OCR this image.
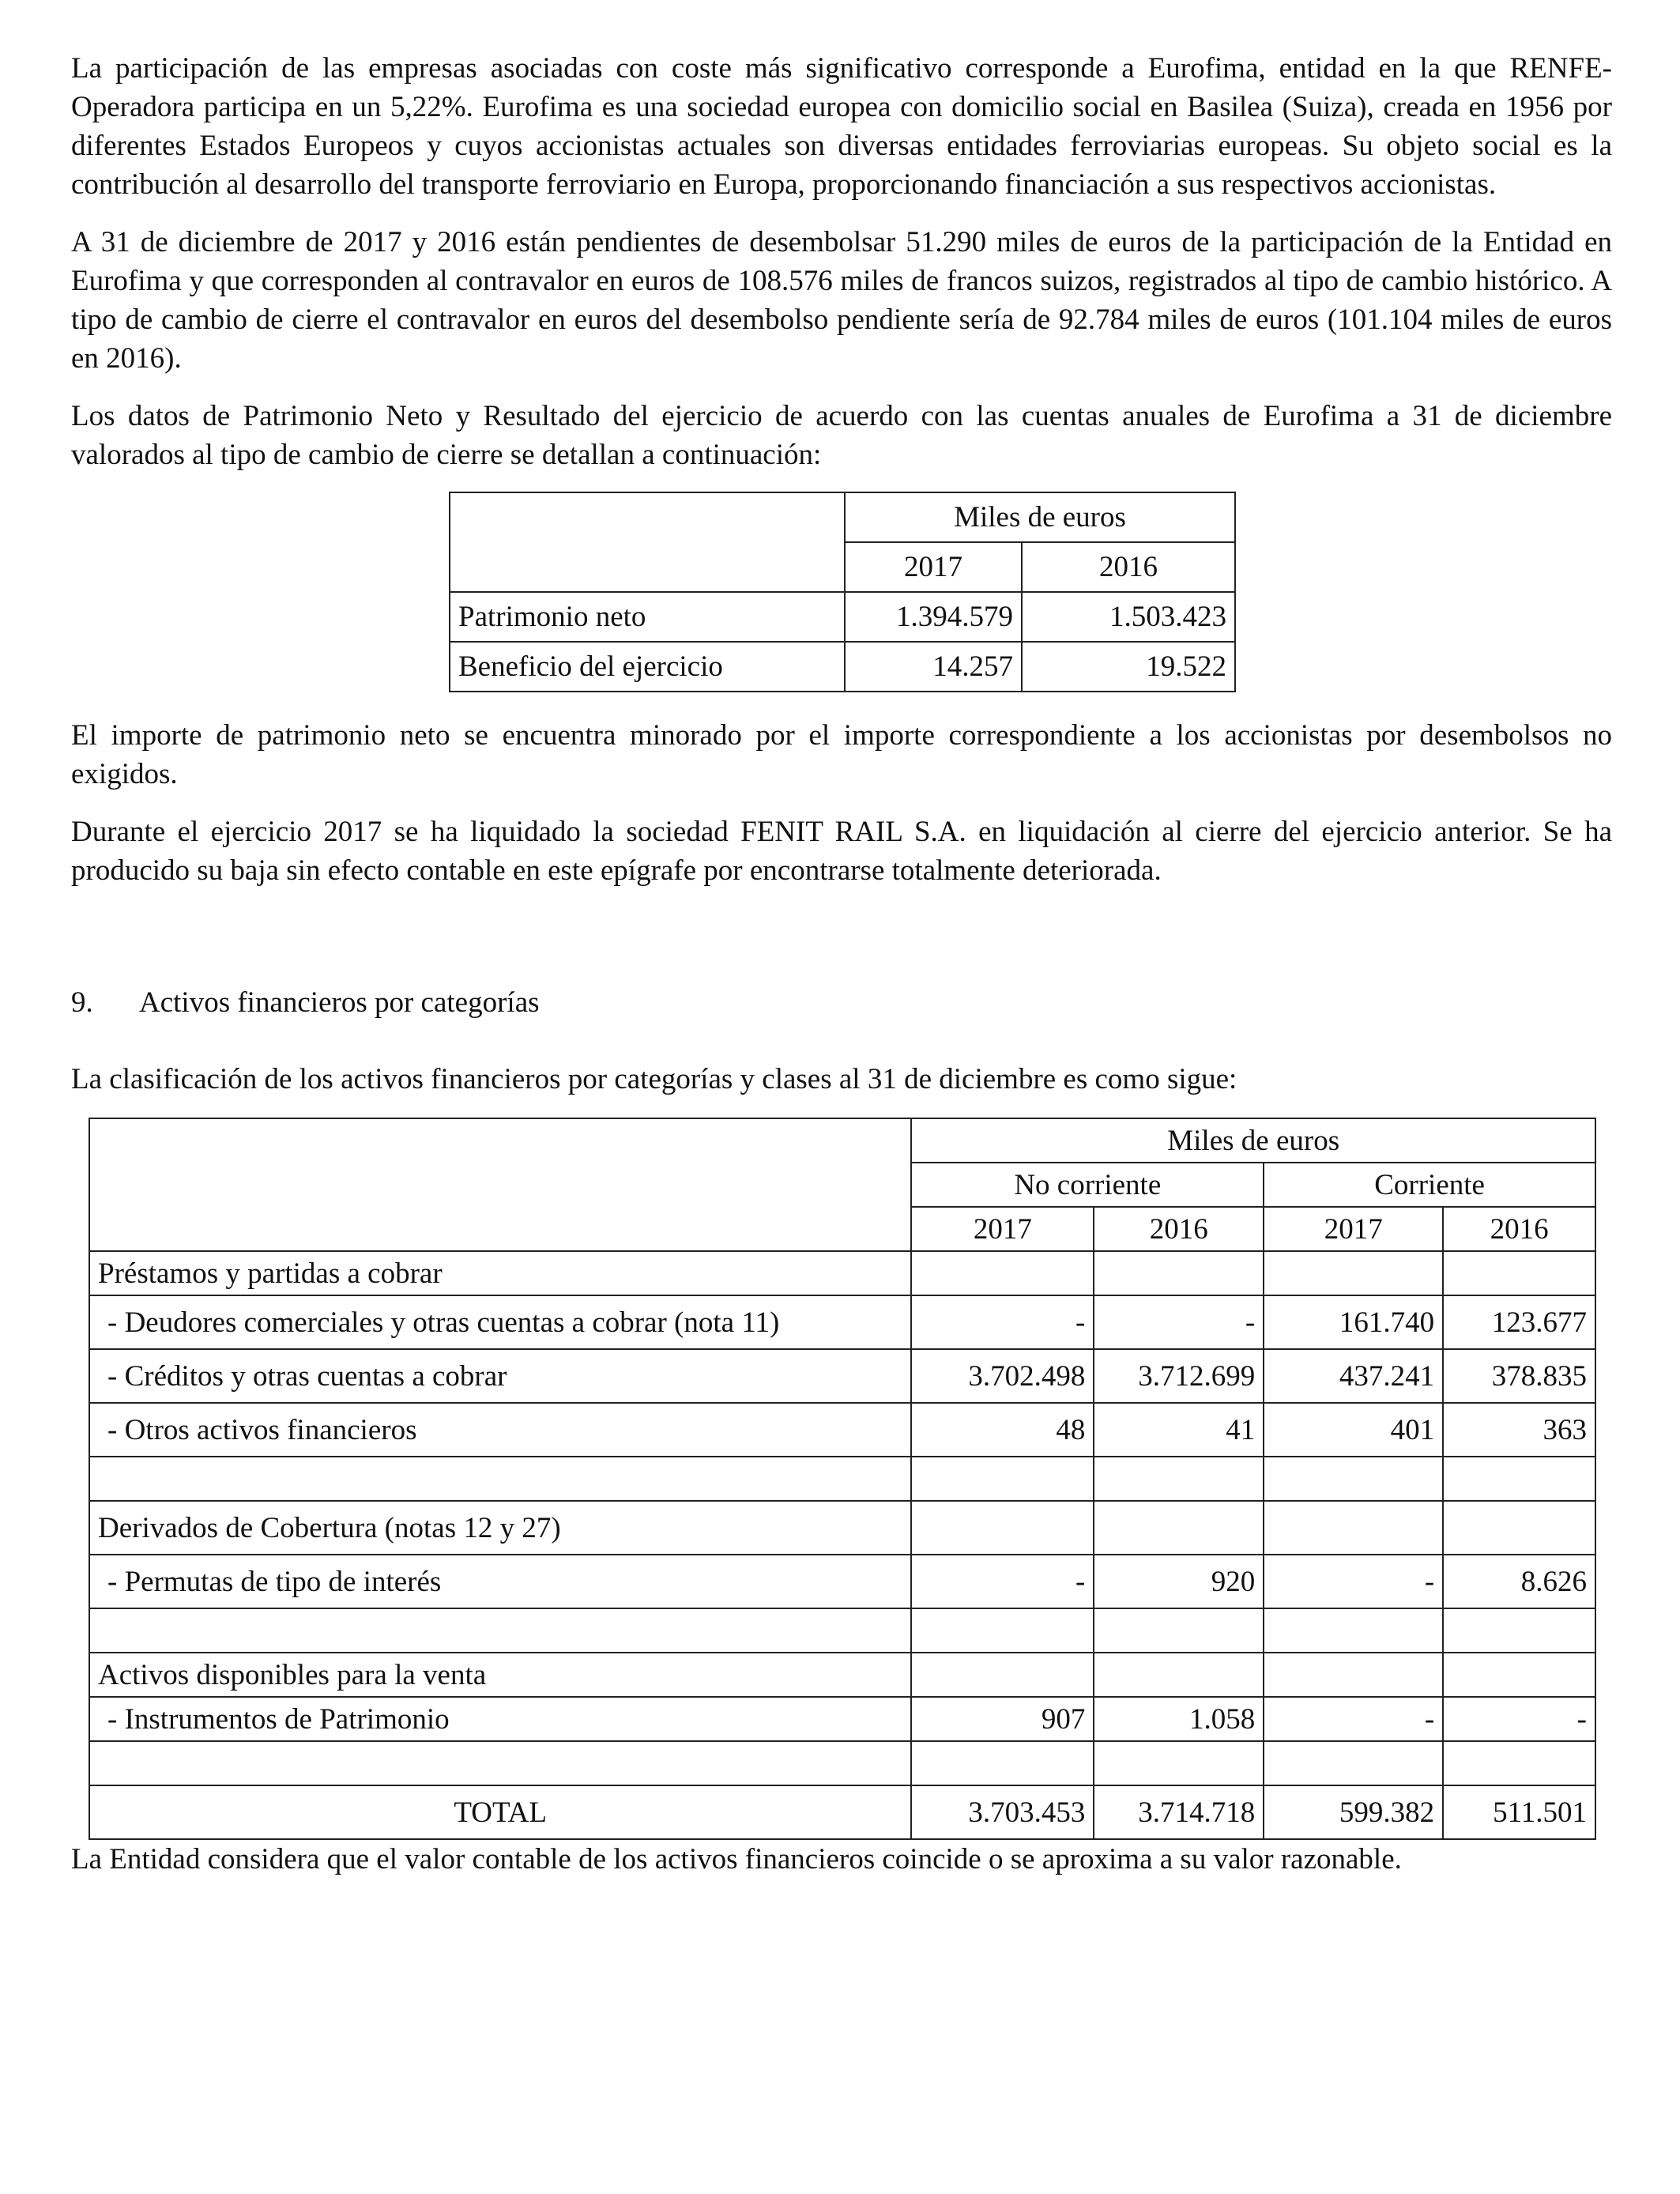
La participación de las empresas asociadas con coste más significativo corresponde a Eurofima, entidad en la que RENFE-Operadora participa en un 5,22%. Eurofima es una sociedad europea con domicilio social en Basilea (Suiza), creada en 1956 por diferentes Estados Europeos y cuyos accionistas actuales son diversas entidades ferroviarias europeas. Su objeto social es la contribución al desarrollo del transporte ferroviario en Europa, proporcionando financiación a sus respectivos accionistas.

A 31 de diciembre de 2017 y 2016 están pendientes de desembolsar 51.290 miles de euros de la participación de la Entidad en Eurofima y que corresponden al contravalor en euros de 108.576 miles de francos suizos, registrados al tipo de cambio histórico. A tipo de cambio de cierre el contravalor en euros del desembolso pendiente sería de 92.784 miles de euros (101.104 miles de euros en 2016).

Los datos de Patrimonio Neto y Resultado del ejercicio de acuerdo con las cuentas anuales de Eurofima a 31 de diciembre valorados al tipo de cambio de cierre se detallan a continuación:

	Miles de euros	
	2017	2016
Patrimonio neto	1.394.579	1.503.423
Beneficio del ejercicio	14.257	19.522

El importe de patrimonio neto se encuentra minorado por el importe correspondiente a los accionistas por desembolsos no exigidos.

Durante el ejercicio 2017 se ha liquidado la sociedad FENIT RAIL S.A. en liquidación al cierre del ejercicio anterior. Se ha producido su baja sin efecto contable en este epígrafe por encontrarse totalmente deteriorada.

9. Activos financieros por categorías

La clasificación de los activos financieros por categorías y clases al 31 de diciembre es como sigue:

	Miles de euros			
	No corriente		Corriente	
	2017	2016	2017	2016
Préstamos y partidas a cobrar				
- Deudores comerciales y otras cuentas a cobrar (nota 11)	-	-	161.740	123.677
- Créditos y otras cuentas a cobrar	3.702.498	3.712.699	437.241	378.835
- Otros activos financieros	48	41	401	363

Derivados de Cobertura (notas 12 y 27)				
- Permutas de tipo de interés	-	920	-	8.626

Activos disponibles para la venta				
- Instrumentos de Patrimonio	907	1.058	-	-

TOTAL	3.703.453	3.714.718	599.382	511.501

La Entidad considera que el valor contable de los activos financieros coincide o se aproxima a su valor razonable.
